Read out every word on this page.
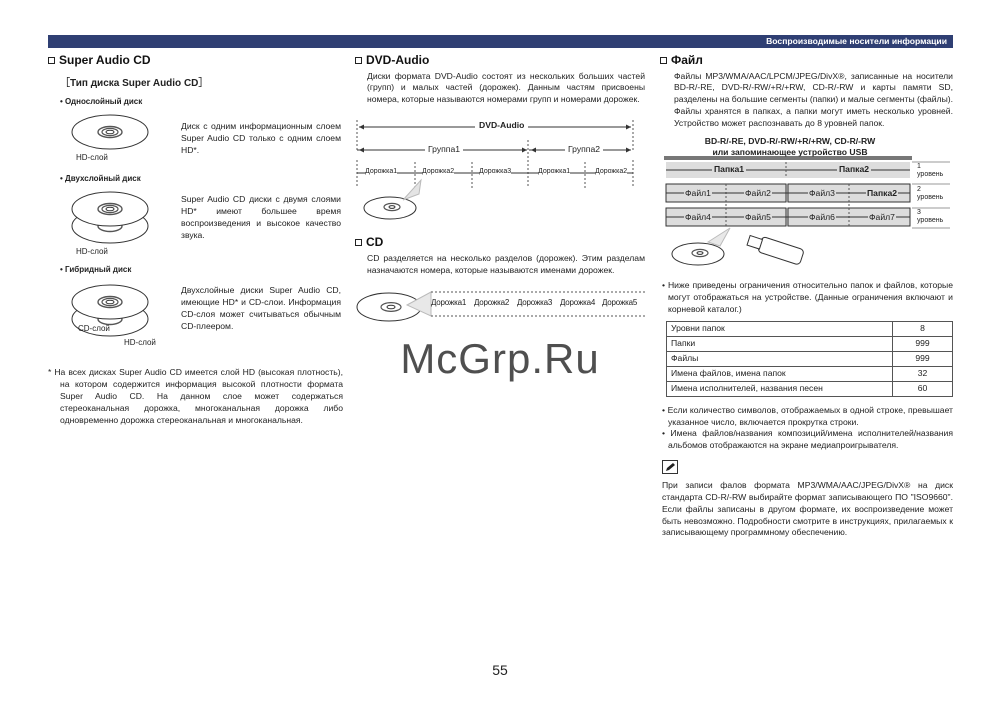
Воспроизводимые носители информации
Super Audio CD
［Тип диска Super Audio CD］
• Однослойный диск
HD-слой
Диск с одним информационным слоем Super Audio CD только с одним слоем HD*.
• Двухслойный диск
HD-слой
Super Audio CD диски с двумя слоями HD* имеют большее время воспроизведения и высокое качество звука.
• Гибридный диск
CD-слой
HD-слой
Двухслойные диски Super Audio CD, имеющие HD* и CD-слои. Информация CD-слоя может считываться обычным CD-плеером.
* На всех дисках Super Audio CD имеется слой HD (высокая плотность), на котором содержится информация высокой плотности формата Super Audio CD. На данном слое может содержаться стереоканальная дорожка, многоканальная дорожка либо одновременно дорожка стереоканальная и многоканальная.
DVD-Audio
Диски формата DVD-Audio состоят из нескольких больших частей (групп) и малых частей (дорожек). Данным частям присвоены номера, которые называются номерами групп и номерами дорожек.
DVD-Audio
Группа1	Группа2
Дорожка1	Дорожка2	Дорожка3	Дорожка1	Дорожка2
CD
CD разделяется на несколько разделов (дорожек). Этим разделам назначаются номера, которые называются именами дорожек.
Дорожка1 Дорожка2 Дорожка3 Дорожка4 Дорожка5
Файл
Файлы MP3/WMA/AAC/LPCM/JPEG/DivX®, записанные на носители BD-R/-RE, DVD-R/-RW/+R/+RW, CD-R/-RW и карты памяти SD, разделены на большие сегменты (папки) и малые сегменты (файлы). Файлы хранятся в папках, а папки могут иметь несколько уровней. Устройство может распознавать до 8 уровней папок.
BD-R/-RE, DVD-R/-RW/+R/+RW, CD-R/-RW
или запоминающее устройство USB
Папка1	Папка2
Файл1	Файл2	Файл3	Папка2
Файл4	Файл5	Файл6	Файл7
1
уровень
2
уровень
3
уровень
• Ниже приведены ограничения относительно папок и файлов, которые могут отображаться на устройстве. (Данные ограничения включают и корневой каталог.)
Уровни папок	8
Папки	999
Файлы	999
Имена файлов, имена папок	32
Имена исполнителей, названия песен	60
• Если количество символов, отображаемых в одной строке, превышает указанное число, включается прокрутка строки.
• Имена файлов/названия композиций/имена исполнителей/названия альбомов отображаются на экране медиапроигрывателя.
При записи фалов формата MP3/WMA/AAC/JPEG/DivX® на диск стандарта CD-R/-RW выбирайте формат записывающего ПО "ISO9660". Если файлы записаны в другом формате, их воспроизведение может быть невозможно. Подробности смотрите в инструкциях, прилагаемых к записывающему программному обеспечению.
McGrp.Ru
55
